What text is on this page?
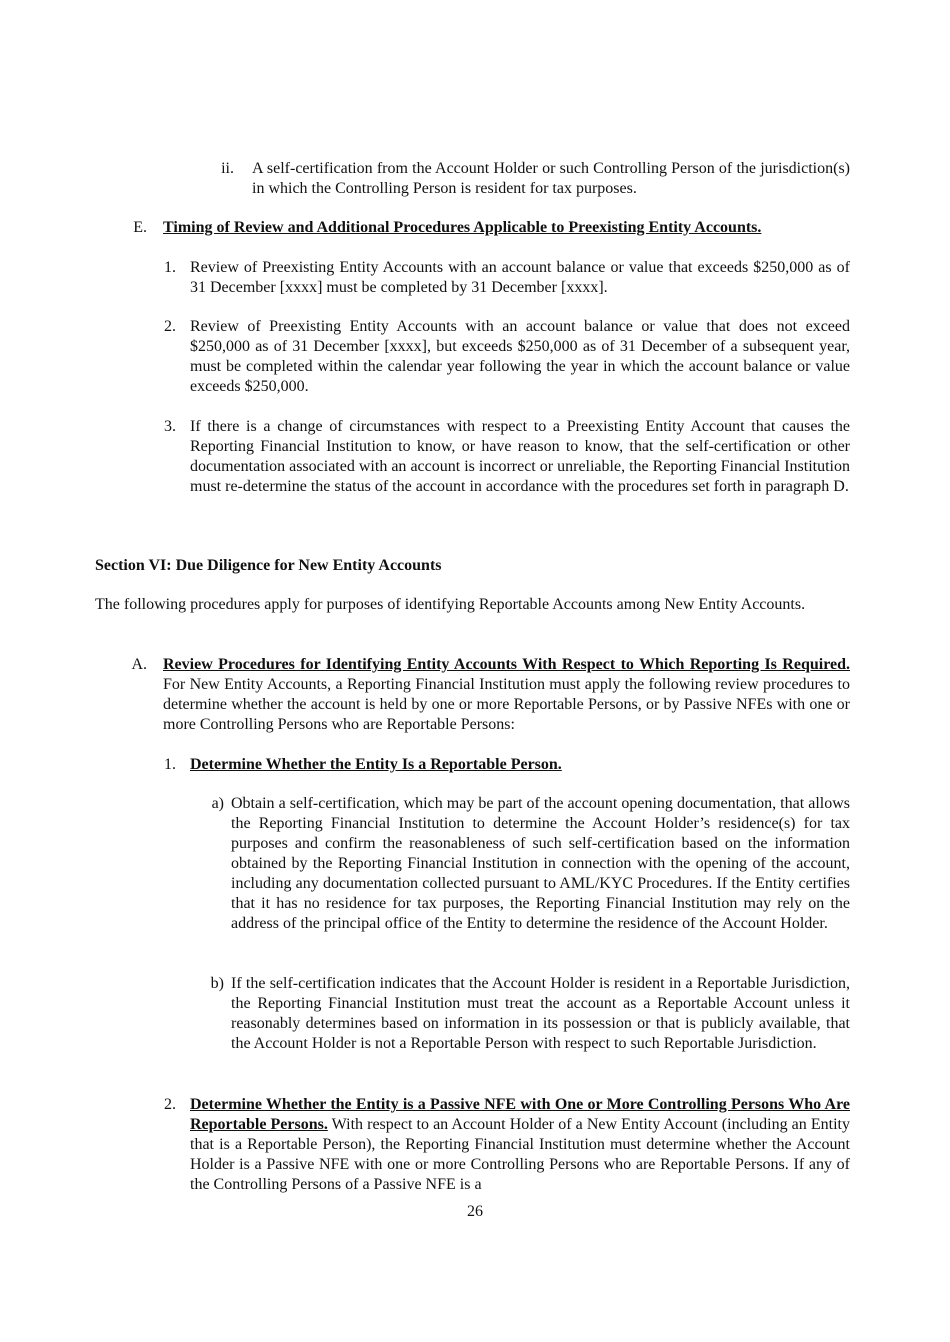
ii. A self-certification from the Account Holder or such Controlling Person of the jurisdiction(s) in which the Controlling Person is resident for tax purposes.
E. Timing of Review and Additional Procedures Applicable to Preexisting Entity Accounts.
1. Review of Preexisting Entity Accounts with an account balance or value that exceeds $250,000 as of 31 December [xxxx] must be completed by 31 December [xxxx].
2. Review of Preexisting Entity Accounts with an account balance or value that does not exceed $250,000 as of 31 December [xxxx], but exceeds $250,000 as of 31 December of a subsequent year, must be completed within the calendar year following the year in which the account balance or value exceeds $250,000.
3. If there is a change of circumstances with respect to a Preexisting Entity Account that causes the Reporting Financial Institution to know, or have reason to know, that the self-certification or other documentation associated with an account is incorrect or unreliable, the Reporting Financial Institution must re-determine the status of the account in accordance with the procedures set forth in paragraph D.
Section VI: Due Diligence for New Entity Accounts
The following procedures apply for purposes of identifying Reportable Accounts among New Entity Accounts.
A. Review Procedures for Identifying Entity Accounts With Respect to Which Reporting Is Required. For New Entity Accounts, a Reporting Financial Institution must apply the following review procedures to determine whether the account is held by one or more Reportable Persons, or by Passive NFEs with one or more Controlling Persons who are Reportable Persons:
1. Determine Whether the Entity Is a Reportable Person.
a) Obtain a self-certification, which may be part of the account opening documentation, that allows the Reporting Financial Institution to determine the Account Holder’s residence(s) for tax purposes and confirm the reasonableness of such self-certification based on the information obtained by the Reporting Financial Institution in connection with the opening of the account, including any documentation collected pursuant to AML/KYC Procedures. If the Entity certifies that it has no residence for tax purposes, the Reporting Financial Institution may rely on the address of the principal office of the Entity to determine the residence of the Account Holder.
b) If the self-certification indicates that the Account Holder is resident in a Reportable Jurisdiction, the Reporting Financial Institution must treat the account as a Reportable Account unless it reasonably determines based on information in its possession or that is publicly available, that the Account Holder is not a Reportable Person with respect to such Reportable Jurisdiction.
2. Determine Whether the Entity is a Passive NFE with One or More Controlling Persons Who Are Reportable Persons. With respect to an Account Holder of a New Entity Account (including an Entity that is a Reportable Person), the Reporting Financial Institution must determine whether the Account Holder is a Passive NFE with one or more Controlling Persons who are Reportable Persons. If any of the Controlling Persons of a Passive NFE is a
26
